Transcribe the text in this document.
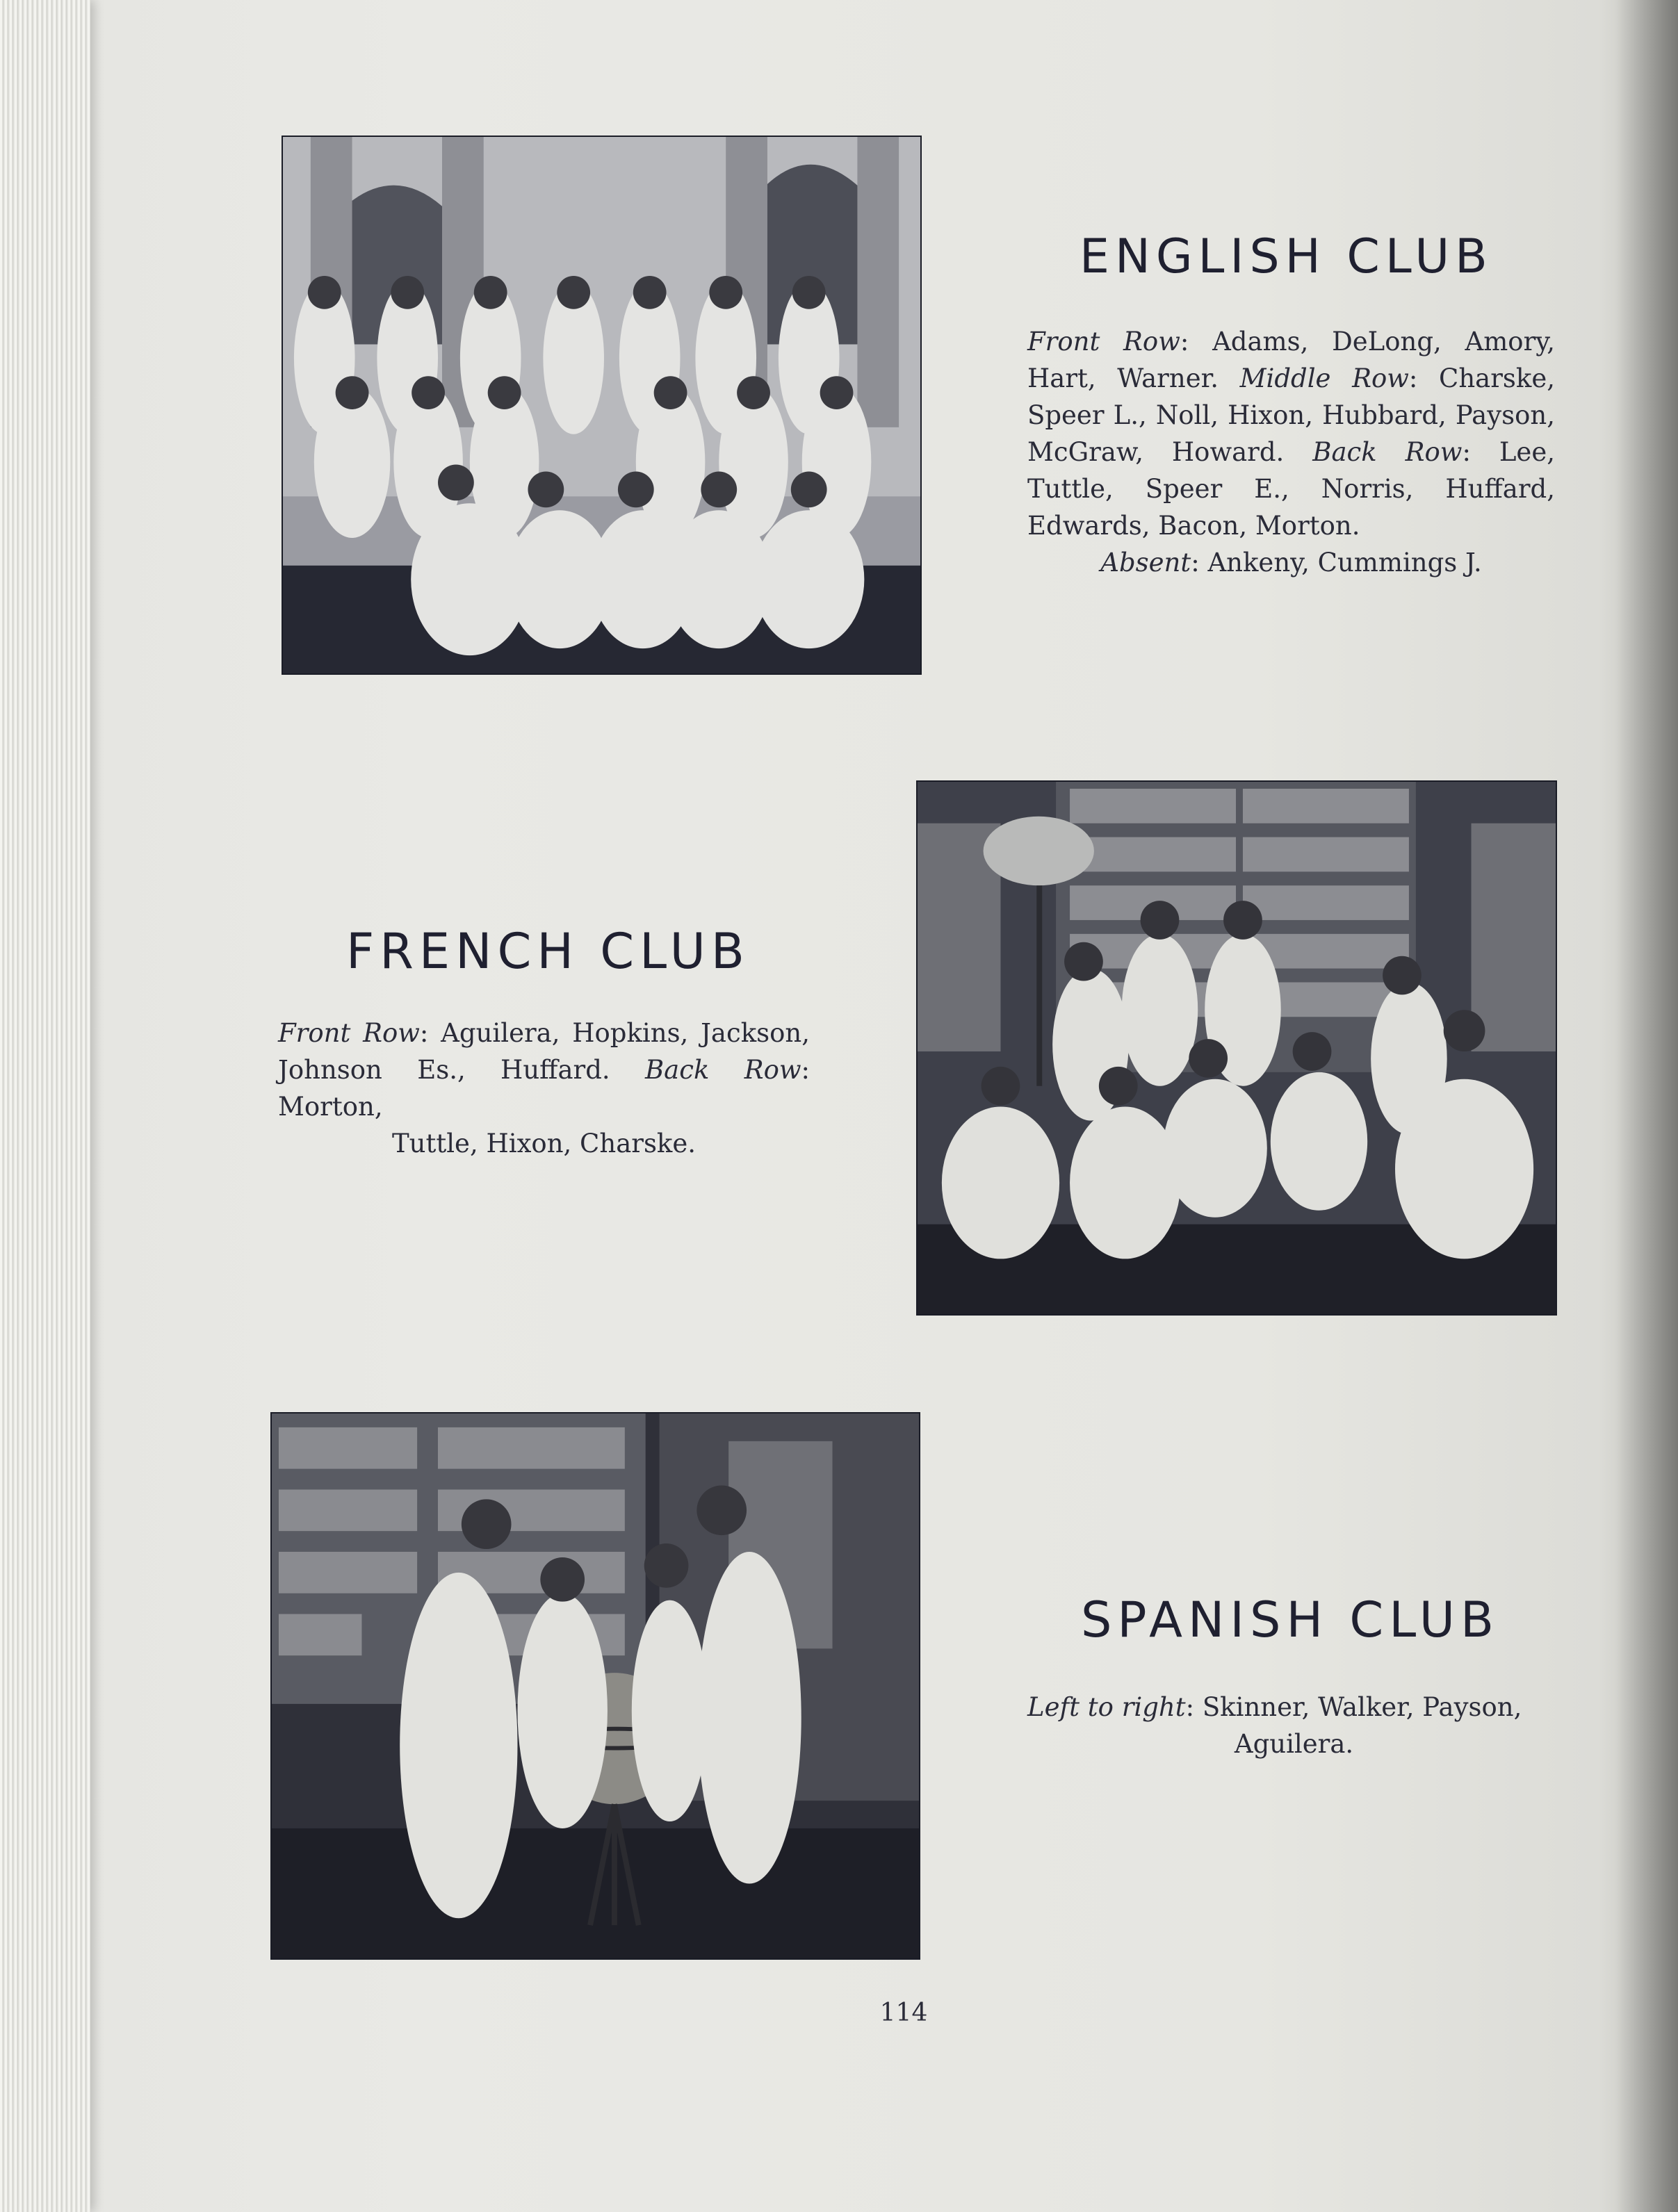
ENGLISH CLUB

Front Row: Adams, DeLong, Amory, Hart, Warner. Middle Row: Charske, Speer L., Noll, Hixon, Hubbard, Payson, McGraw, Howard. Back Row: Lee, Tuttle, Speer E., Norris, Huffard, Edwards, Bacon, Morton.
Absent: Ankeny, Cummings J.

FRENCH CLUB

Front Row: Aguilera, Hopkins, Jackson, Johnson Es., Huffard. Back Row: Morton,
Tuttle, Hixon, Charske.

SPANISH CLUB

Left to right: Skinner, Walker, Payson,
Aguilera.

114
